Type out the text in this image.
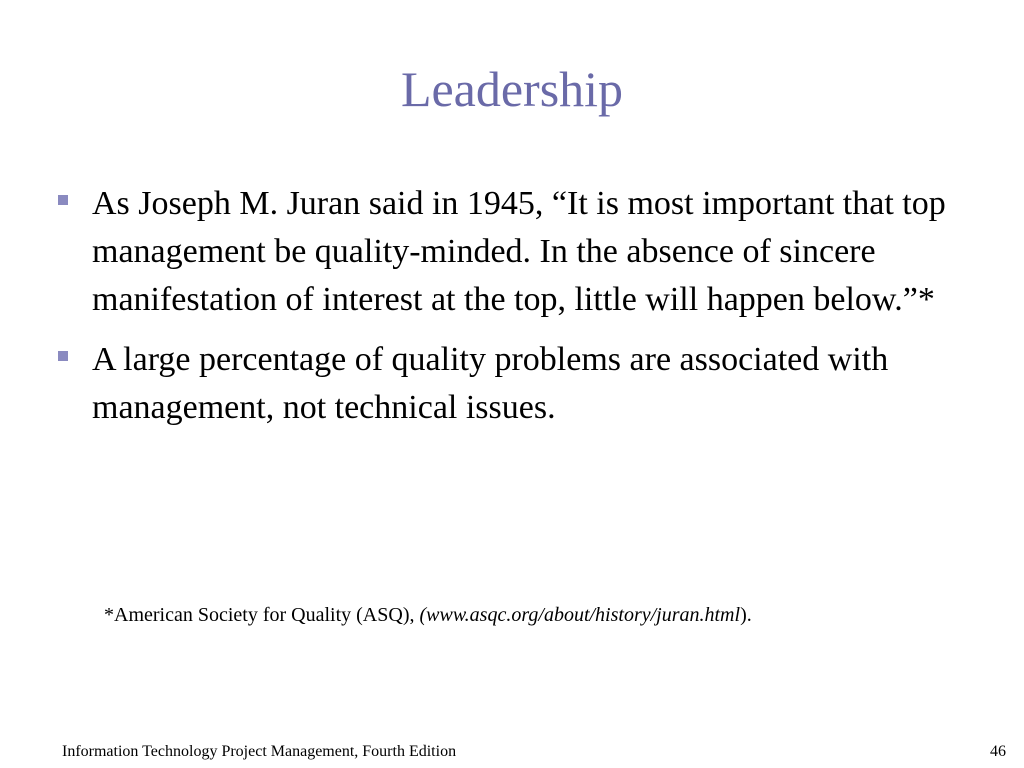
Leadership
As Joseph M. Juran said in 1945, “It is most important that top management be quality-minded. In the absence of sincere manifestation of interest at the top, little will happen below.”*
A large percentage of quality problems are associated with management, not technical issues.
*American Society for Quality (ASQ), (www.asqc.org/about/history/juran.html).
Information Technology Project Management, Fourth Edition	46
